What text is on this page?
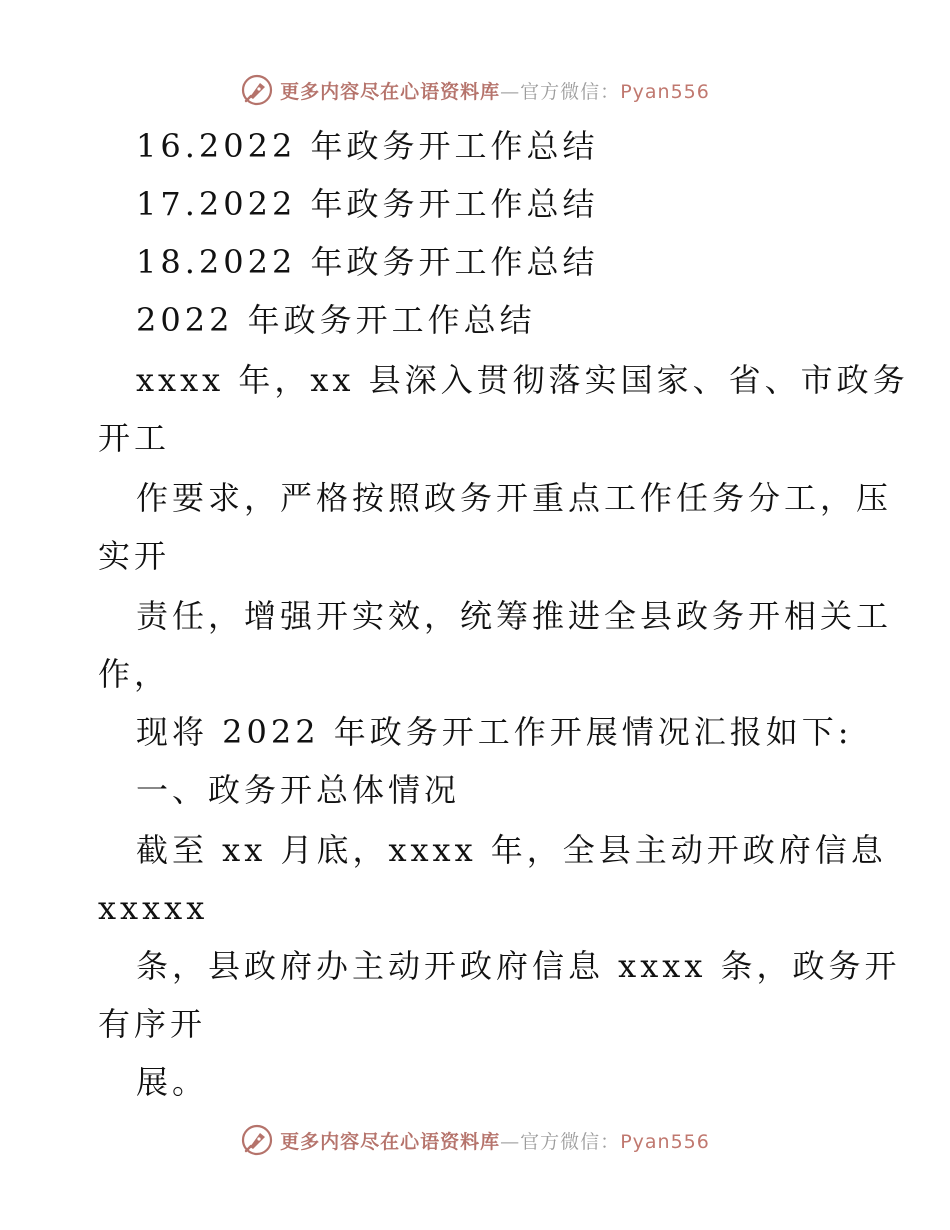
更多内容尽在心语资料库—官方微信：Pyan556
16.2022 年政务开工作总结
17.2022 年政务开工作总结
18.2022 年政务开工作总结
2022 年政务开工作总结
xxxx 年，xx 县深入贯彻落实国家、省、市政务
开工
作要求，严格按照政务开重点工作任务分工，压
实开
责任，增强开实效，统筹推进全县政务开相关工
作，
现将 2022 年政务开工作开展情况汇报如下:
一、政务开总体情况
截至 xx 月底，xxxx 年，全县主动开政府信息
xxxxx
条，县政府办主动开政府信息 xxxx 条，政务开
有序开
展。
更多内容尽在心语资料库—官方微信：Pyan556
